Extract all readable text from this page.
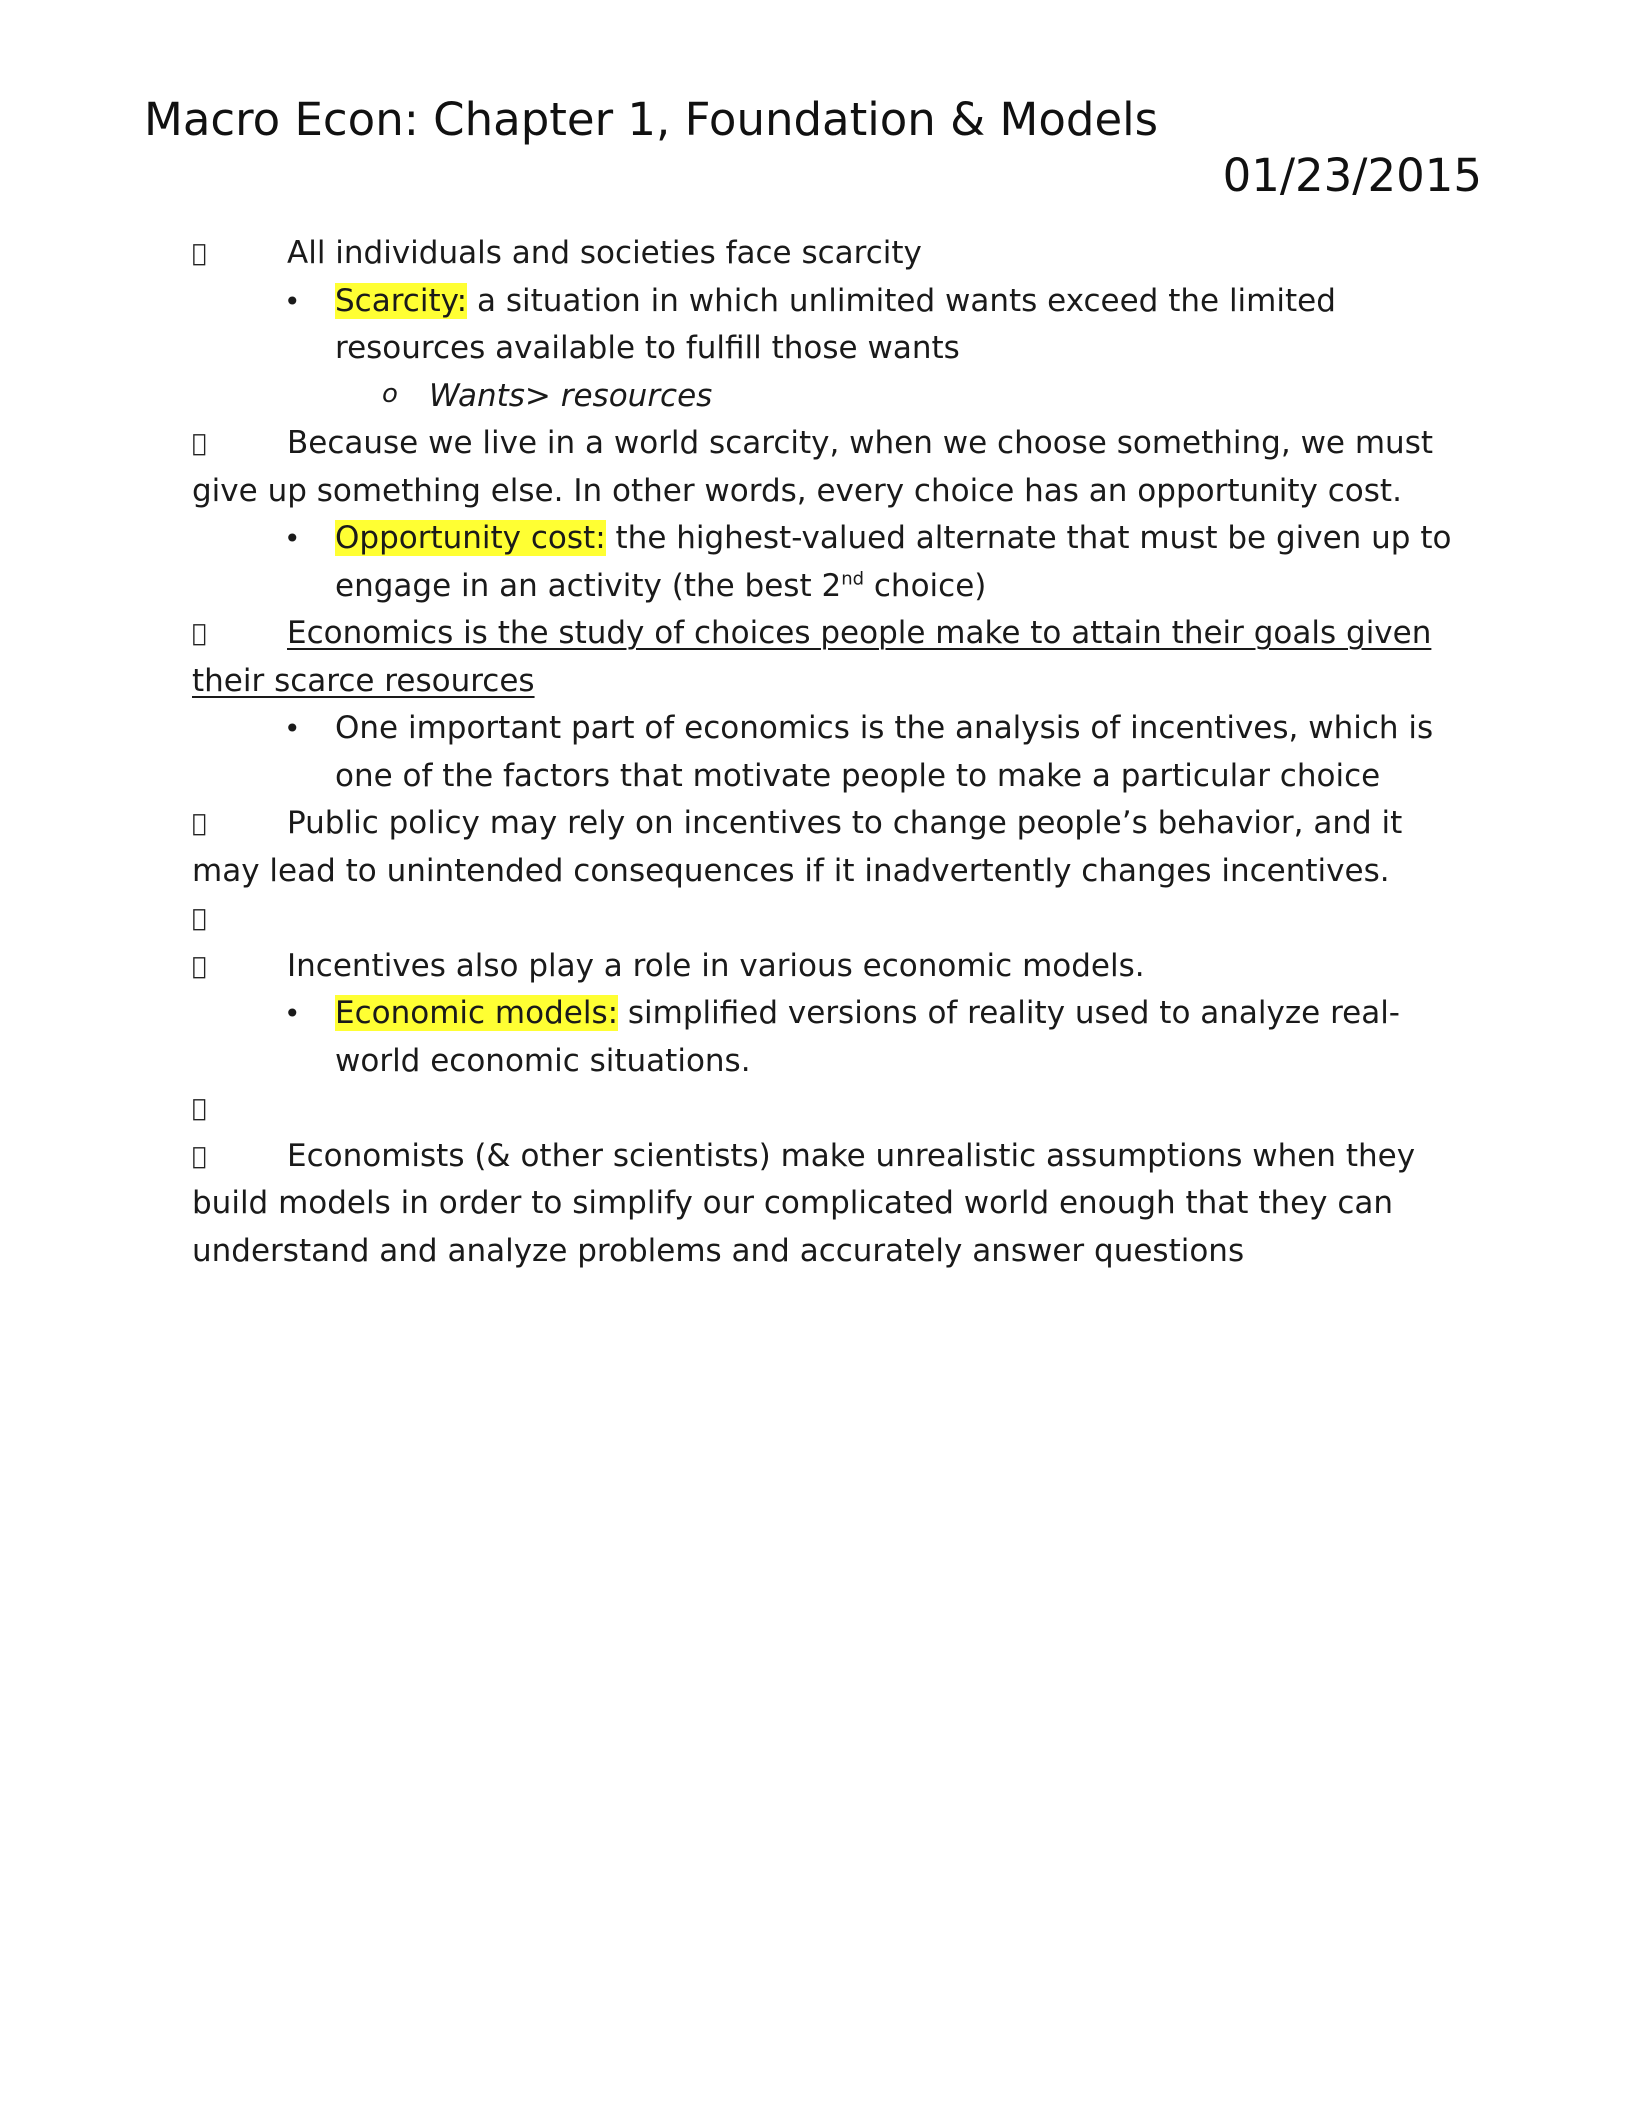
Macro Econ: Chapter 1, Foundation & Models
01/23/2015

All individuals and societies face scarcity

• Scarcity: a situation in which unlimited wants exceed the limited resources available to fulfill those wants

o Wants> resources

Because we live in a world scarcity, when we choose something, we must give up something else. In other words, every choice has an opportunity cost.

• Opportunity cost: the highest-valued alternate that must be given up to engage in an activity (the best 2nd choice)

Economics is the study of choices people make to attain their goals given their scarce resources

• One important part of economics is the analysis of incentives, which is one of the factors that motivate people to make a particular choice

Public policy may rely on incentives to change people’s behavior, and it may lead to unintended consequences if it inadvertently changes incentives.

Incentives also play a role in various economic models.

• Economic models: simplified versions of reality used to analyze real-world economic situations.

Economists (& other scientists) make unrealistic assumptions when they build models in order to simplify our complicated world enough that they can understand and analyze problems and accurately answer questions
